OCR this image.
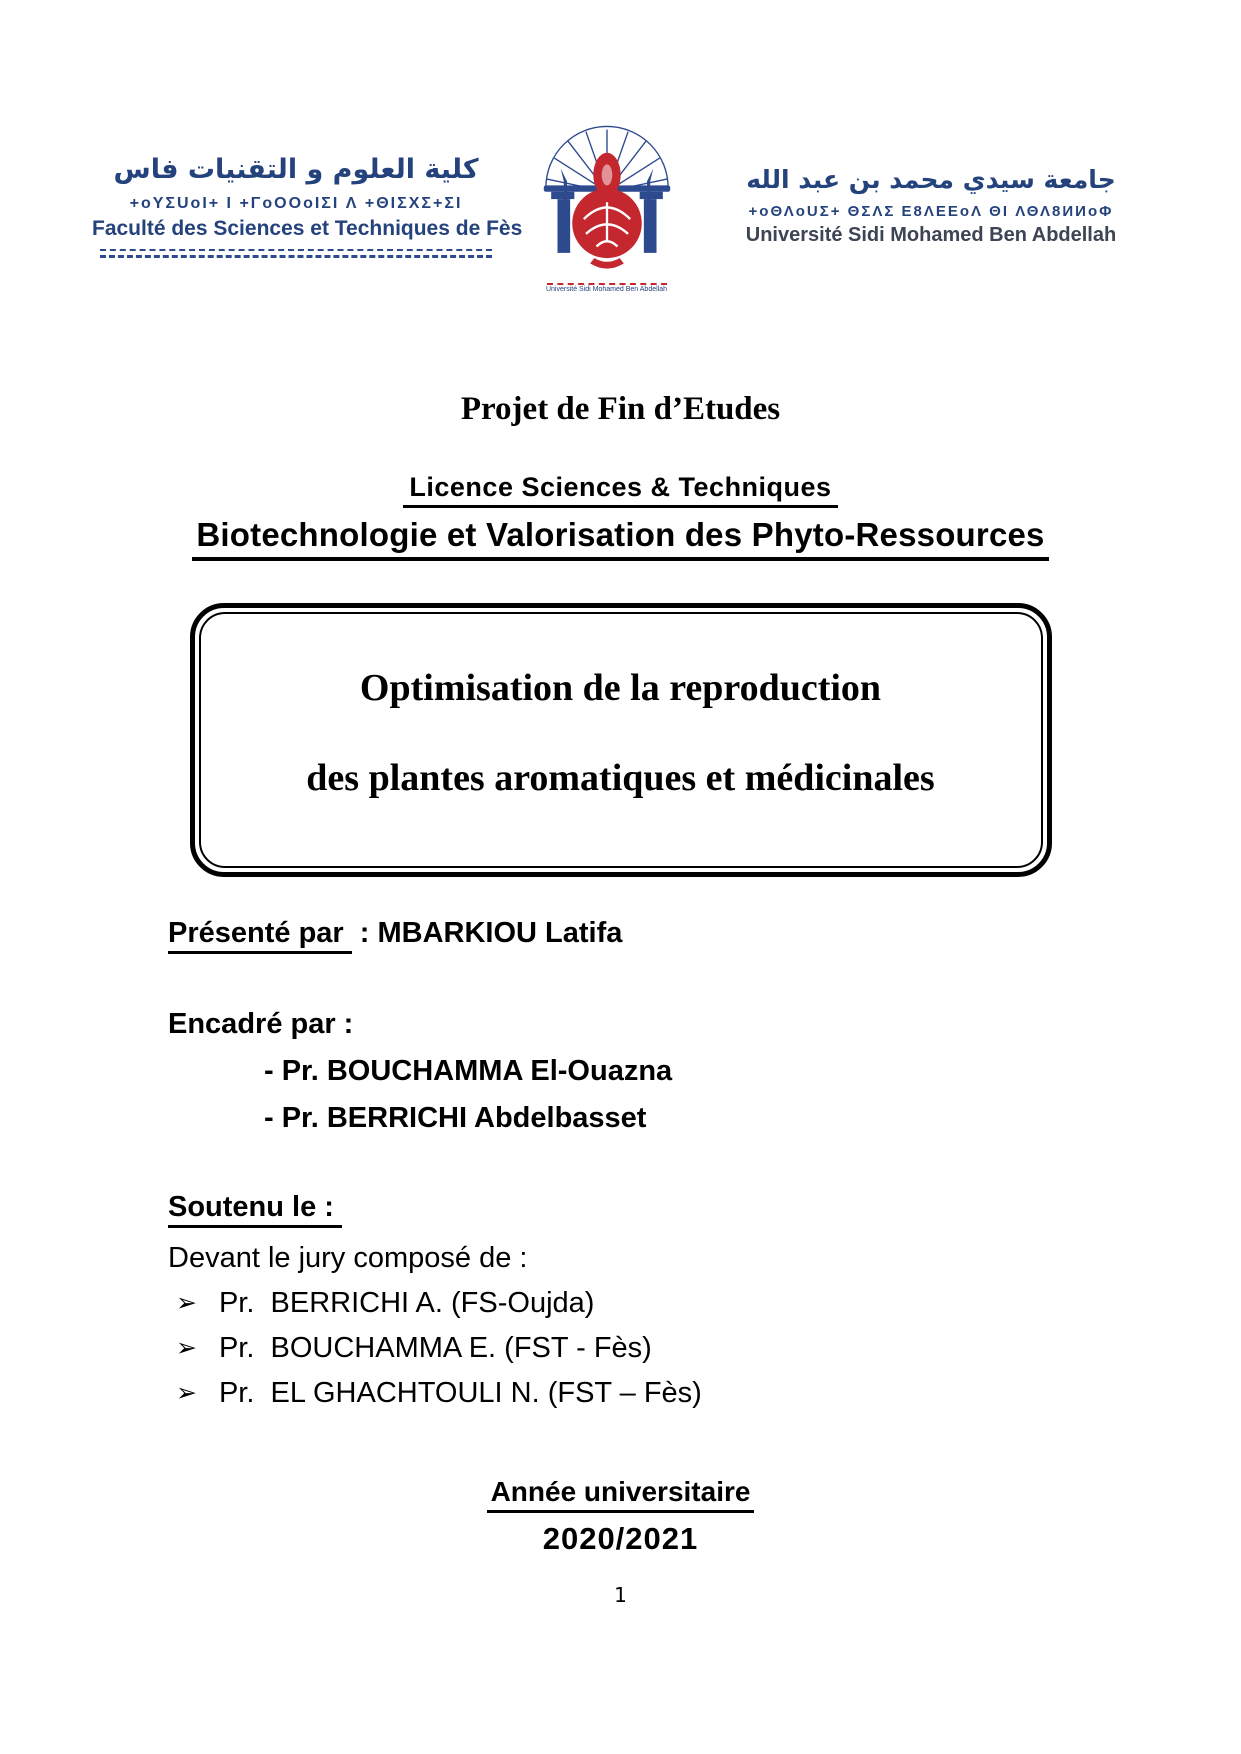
كلية العلوم و التقنيات فاس
+oYΣUoI+ I +ΓoOOoIΣI Λ +ΘIΣXΣ+ΣI
Faculté des Sciences et Techniques de Fès
Université Sidi Mohamed Ben Abdellah
جامعة سيدي محمد بن عبد الله
+oΘΛoUΣ+ ΘΣΛΣ Ε8ΛΕΕoΛ ΘI ΛΘΛ8ИИoΦ
Université Sidi Mohamed Ben Abdellah
Projet de Fin d’Etudes
Licence Sciences & Techniques
Biotechnologie et Valorisation des Phyto-Ressources
Optimisation de la reproduction
des plantes aromatiques et médicinales
Présenté par : MBARKIOU Latifa
Encadré par :
- Pr. BOUCHAMMA El-Ouazna
- Pr. BERRICHI Abdelbasset
Soutenu le :
Devant le jury composé de :
➢ Pr.  BERRICHI A. (FS-Oujda)
➢ Pr.  BOUCHAMMA E. (FST - Fès)
➢ Pr.  EL GHACHTOULI N. (FST – Fès)
Année universitaire
2020/2021
1
